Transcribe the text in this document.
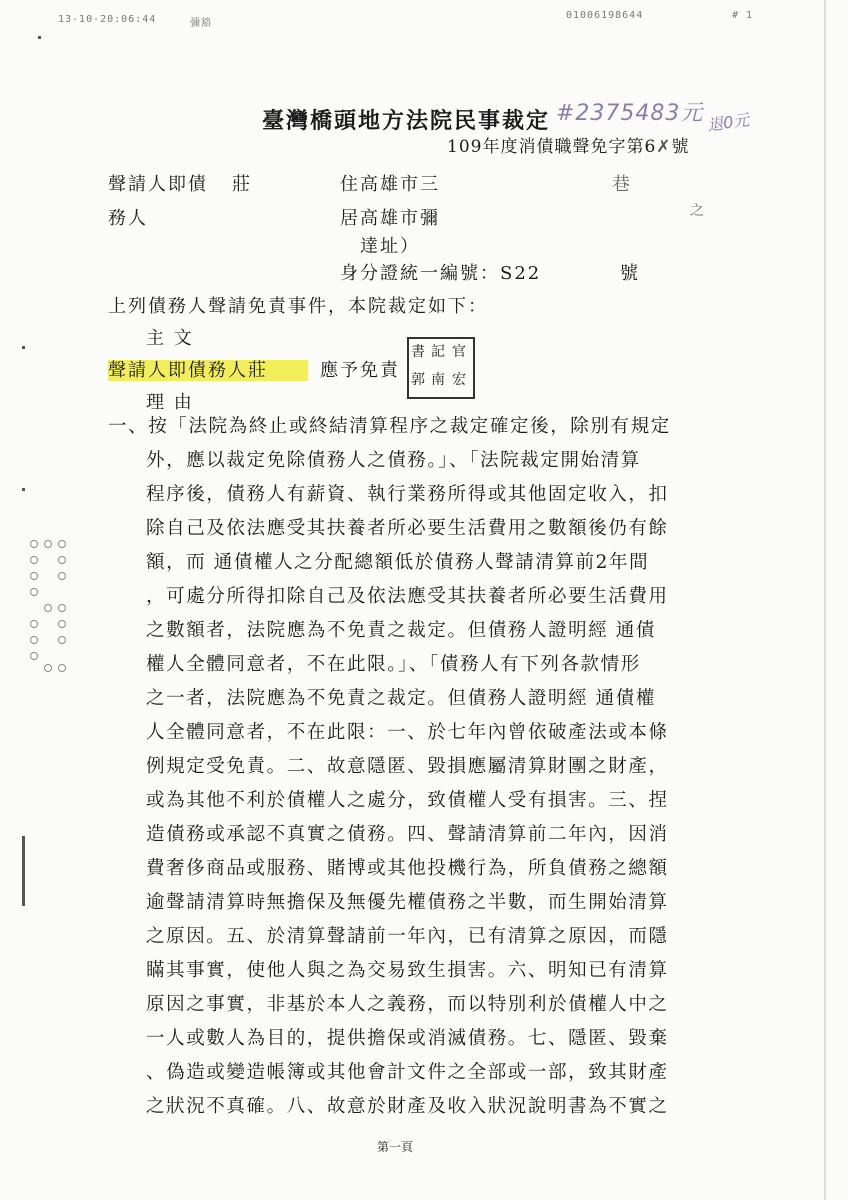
13-10-20:06:44	彌豁
01006198644	# 1
臺灣橋頭地方法院民事裁定
109年度消債職聲免字第6✗號
#2375483元 退0元
聲請人即債 莊	住高雄市三	巷
務人	居高雄市彌	之
達址）
身分證統一編號：S22	號
上列債務人聲請免責事件，本院裁定如下：
主 文
聲請人即債務人莊	應予免責
書 記 官
郭 南 宏
理 由
一、按「法院為終止或終結清算程序之裁定確定後，除別有規定
外，應以裁定免除債務人之債務。」、「法院裁定開始清算
程序後，債務人有薪資、執行業務所得或其他固定收入，扣
除自己及依法應受其扶養者所必要生活費用之數額後仍有餘
額，而 通債權人之分配總額低於債務人聲請清算前2年間
，可處分所得扣除自己及依法應受其扶養者所必要生活費用
之數額者，法院應為不免責之裁定。但債務人證明經 通債
權人全體同意者，不在此限。」、「債務人有下列各款情形
之一者，法院應為不免責之裁定。但債務人證明經 通債權
人全體同意者，不在此限：一、於七年內曾依破產法或本條
例規定受免責。二、故意隱匿、毀損應屬清算財團之財產，
或為其他不利於債權人之處分，致債權人受有損害。三、捏
造債務或承認不真實之債務。四、聲請清算前二年內，因消
費奢侈商品或服務、賭博或其他投機行為，所負債務之總額
逾聲請清算時無擔保及無優先權債務之半數，而生開始清算
之原因。五、於清算聲請前一年內，已有清算之原因，而隱
瞞其事實，使他人與之為交易致生損害。六、明知已有清算
原因之事實，非基於本人之義務，而以特別利於債權人中之
一人或數人為目的，提供擔保或消滅債務。七、隱匿、毀棄
、偽造或變造帳簿或其他會計文件之全部或一部，致其財產
之狀況不真確。八、故意於財產及收入狀況說明書為不實之
第一頁
